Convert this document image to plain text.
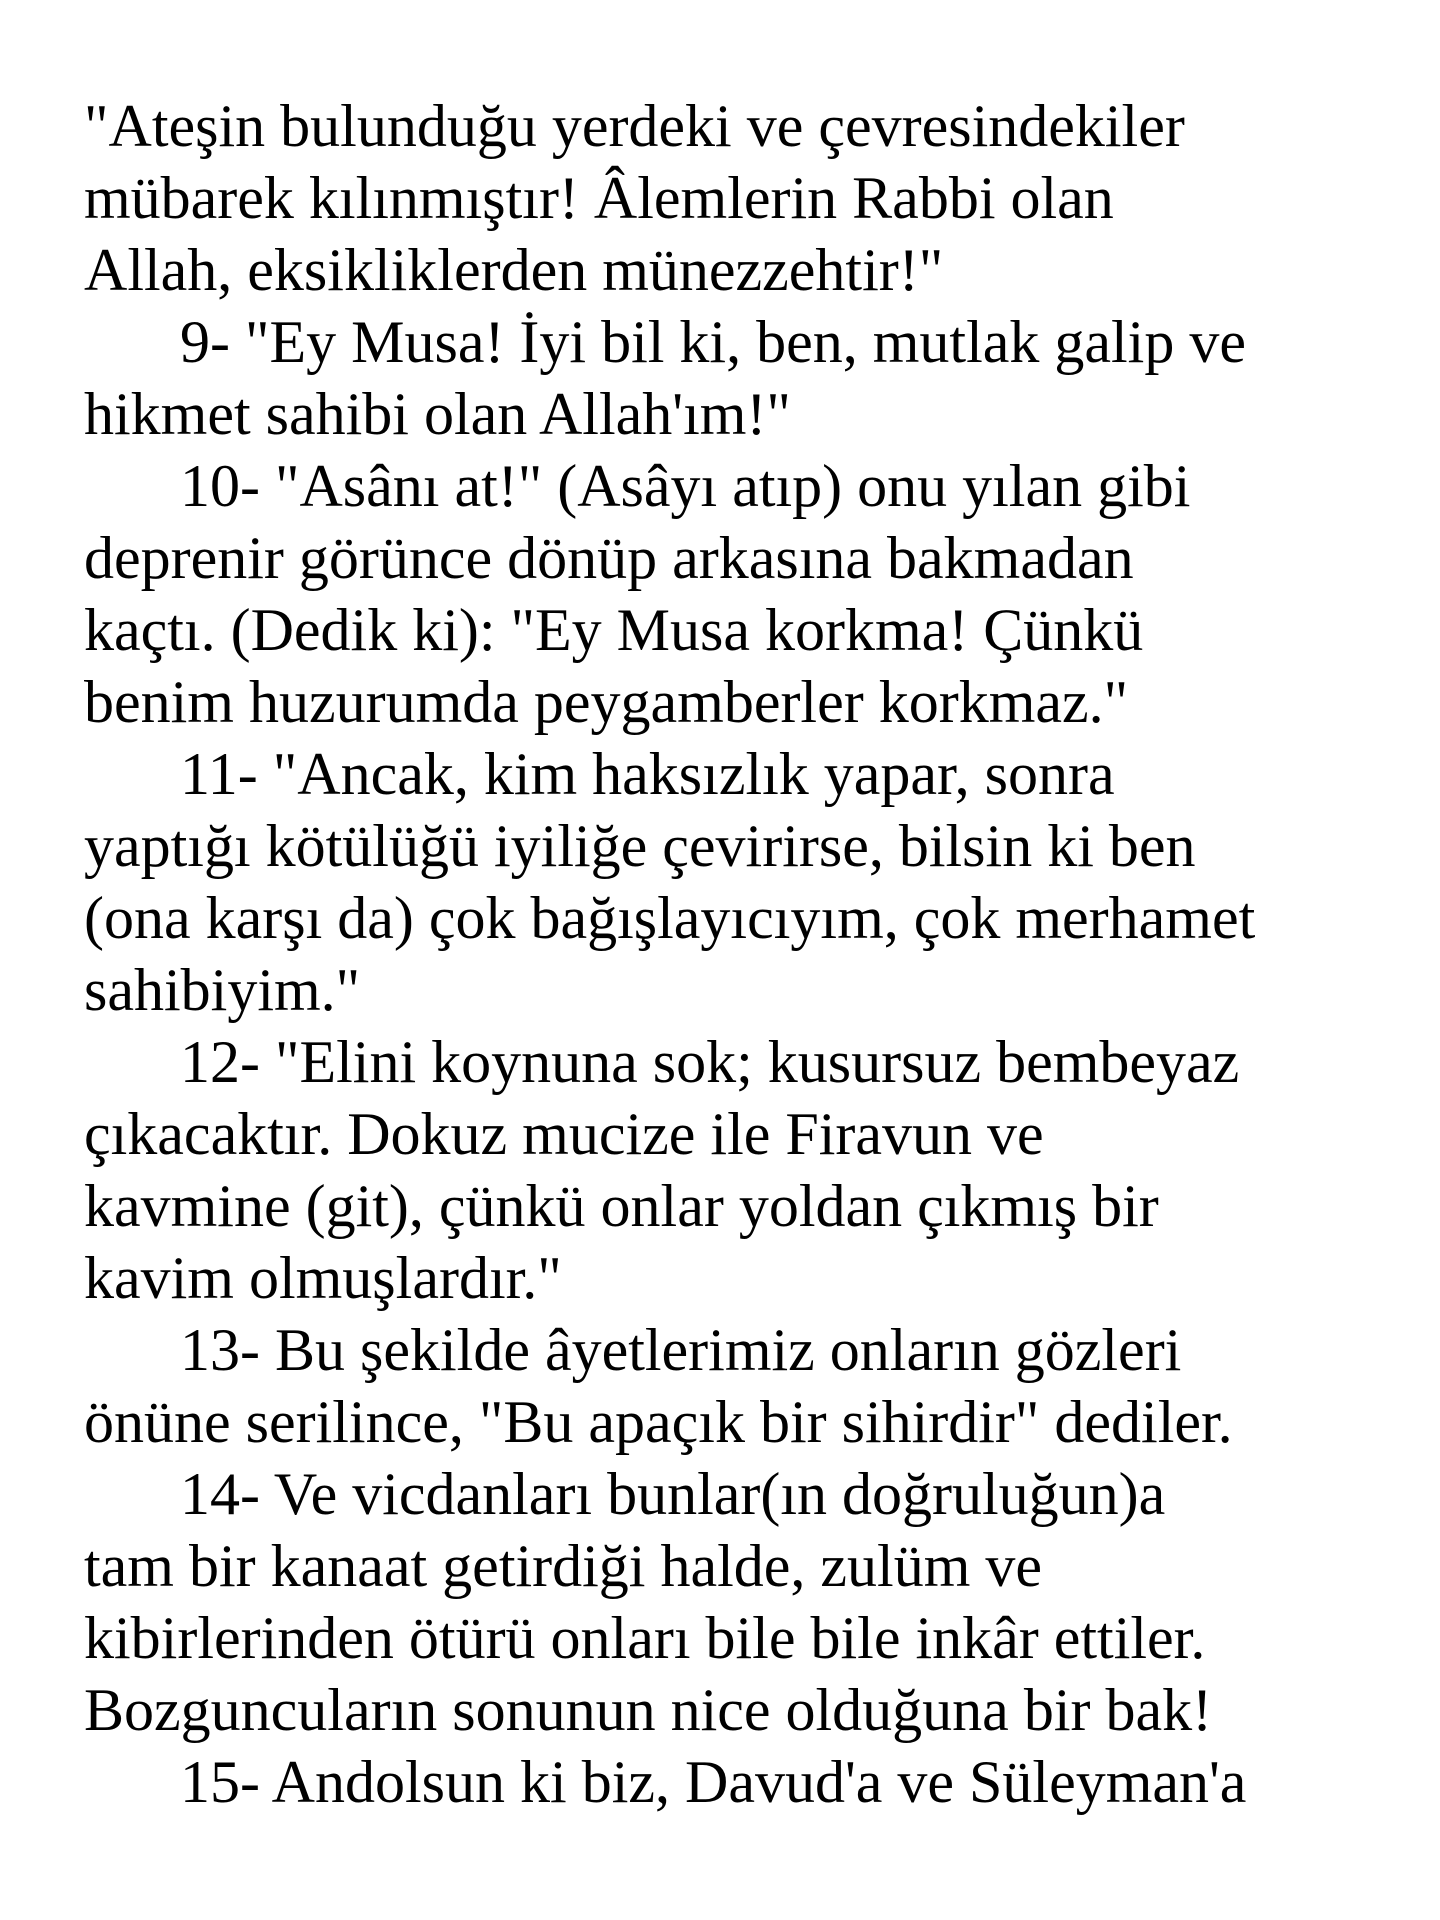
"Ateşin bulunduğu yerdeki ve çevresindekiler
mübarek kılınmıştır! Âlemlerin Rabbi olan
Allah, eksikliklerden münezzehtir!"
9- "Ey Musa! İyi bil ki, ben, mutlak galip ve
hikmet sahibi olan Allah'ım!"
10- "Asânı at!" (Asâyı atıp) onu yılan gibi
deprenir görünce dönüp arkasına bakmadan
kaçtı. (Dedik ki): "Ey Musa korkma! Çünkü
benim huzurumda peygamberler korkmaz."
11- "Ancak, kim haksızlık yapar, sonra
yaptığı kötülüğü iyiliğe çevirirse, bilsin ki ben
(ona karşı da) çok bağışlayıcıyım, çok merhamet
sahibiyim."
12- "Elini koynuna sok; kusursuz bembeyaz
çıkacaktır. Dokuz mucize ile Firavun ve
kavmine (git), çünkü onlar yoldan çıkmış bir
kavim olmuşlardır."
13- Bu şekilde âyetlerimiz onların gözleri
önüne serilince, "Bu apaçık bir sihirdir" dediler.
14- Ve vicdanları bunlar(ın doğruluğun)a
tam bir kanaat getirdiği halde, zulüm ve
kibirlerinden ötürü onları bile bile inkâr ettiler.
Bozguncuların sonunun nice olduğuna bir bak!
15- Andolsun ki biz, Davud'a ve Süleyman'a
